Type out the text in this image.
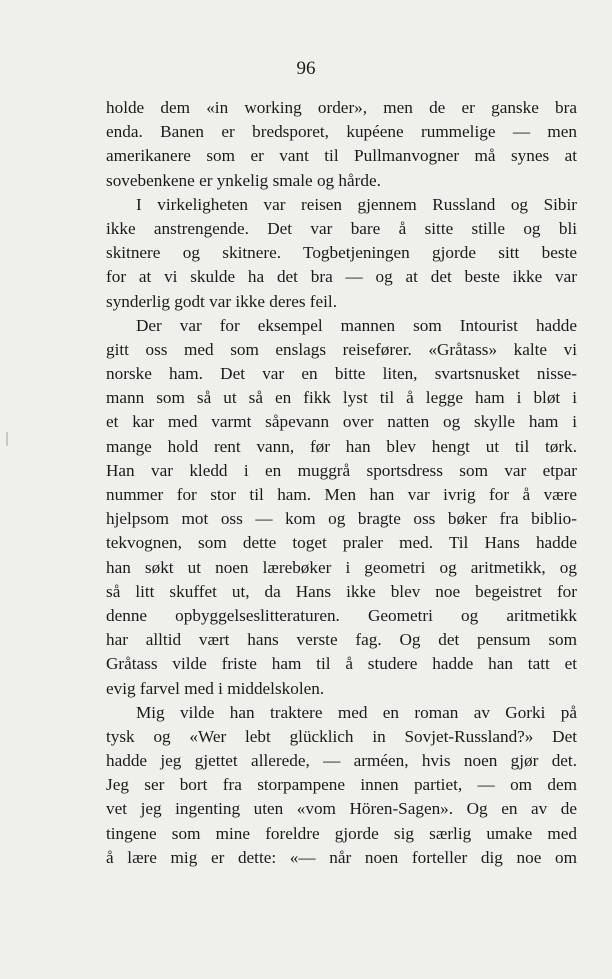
96
holde dem «in working order», men de er ganske bra
enda. Banen er bredsporet, kupéene rummelige — men
amerikanere som er vant til Pullmanvogner må synes at
sovebenkene er ynkelig smale og hårde.
I virkeligheten var reisen gjennem Russland og Sibir
ikke anstrengende. Det var bare å sitte stille og bli
skitnere og skitnere. Togbetjeningen gjorde sitt beste
for at vi skulde ha det bra — og at det beste ikke var
synderlig godt var ikke deres feil.
Der var for eksempel mannen som Intourist hadde
gitt oss med som enslags reisefører. «Gråtass» kalte vi
norske ham. Det var en bitte liten, svartsnusket nisse-
mann som så ut så en fikk lyst til å legge ham i bløt i
et kar med varmt såpevann over natten og skylle ham i
mange hold rent vann, før han blev hengt ut til tørk.
Han var kledd i en muggrå sportsdress som var etpar
nummer for stor til ham. Men han var ivrig for å være
hjelpsom mot oss — kom og bragte oss bøker fra biblio-
tekvognen, som dette toget praler med. Til Hans hadde
han søkt ut noen lærebøker i geometri og aritmetikk, og
så litt skuffet ut, da Hans ikke blev noe begeistret for
denne opbyggelseslitteraturen. Geometri og aritmetikk
har alltid vært hans verste fag. Og det pensum som
Gråtass vilde friste ham til å studere hadde han tatt et
evig farvel med i middelskolen.
Mig vilde han traktere med en roman av Gorki på
tysk og «Wer lebt glücklich in Sovjet-Russland?» Det
hadde jeg gjettet allerede, — arméen, hvis noen gjør det.
Jeg ser bort fra storpampene innen partiet, — om dem
vet jeg ingenting uten «vom Hören-Sagen». Og en av de
tingene som mine foreldre gjorde sig særlig umake med
å lære mig er dette: «— når noen forteller dig noe om
